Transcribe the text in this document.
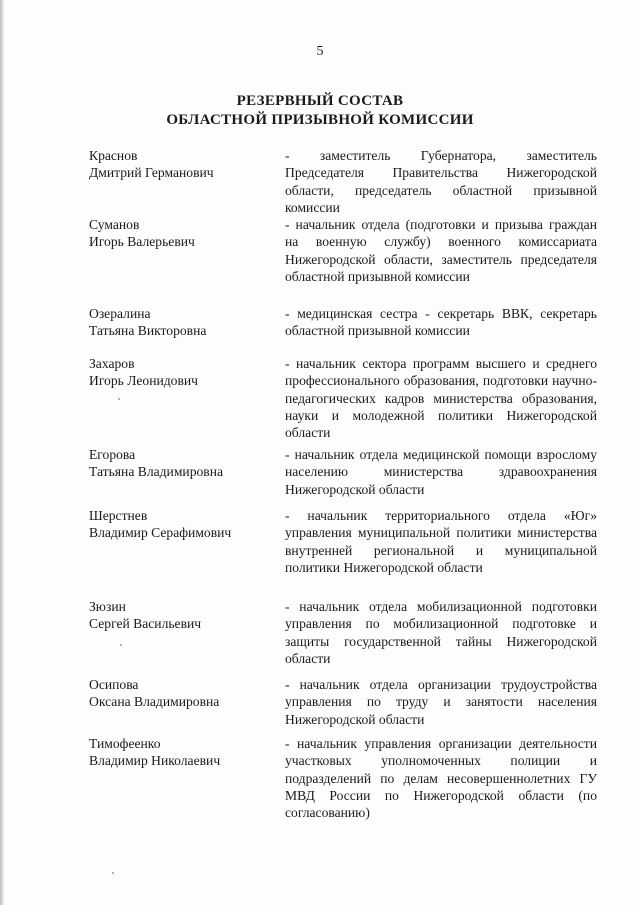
5
РЕЗЕРВНЫЙ СОСТАВ
ОБЛАСТНОЙ ПРИЗЫВНОЙ КОМИССИИ
Краснов
Дмитрий Германович
- заместитель Губернатора, заместитель Председателя Правительства Нижегородской области, председатель областной призывной комиссии
Суманов
Игорь Валерьевич
- начальник отдела (подготовки и призыва граждан на военную службу) военного комиссариата Нижегородской области, заместитель председателя областной призывной комиссии
Озералина
Татьяна Викторовна
- медицинская сестра - секретарь ВВК, секретарь областной призывной комиссии
Захаров
Игорь Леонидович
- начальник сектора программ высшего и среднего профессионального образования, подготовки научно-педагогических кадров министерства образования, науки и молодежной политики Нижегородской области
Егорова
Татьяна Владимировна
- начальник отдела медицинской помощи взрослому населению министерства здравоохранения Нижегородской области
Шерстнев
Владимир Серафимович
- начальник территориального отдела «Юг» управления муниципальной политики министерства внутренней региональной и муниципальной политики Нижегородской области
Зюзин
Сергей Васильевич
- начальник отдела мобилизационной подготовки управления по мобилизационной подготовке и защиты государственной тайны Нижегородской области
Осипова
Оксана Владимировна
- начальник отдела организации трудоустройства управления по труду и занятости населения Нижегородской области
Тимофеенко
Владимир Николаевич
- начальник управления организации деятельности участковых уполномоченных полиции и подразделений по делам несовершеннолетних ГУ МВД России по Нижегородской области (по согласованию)
